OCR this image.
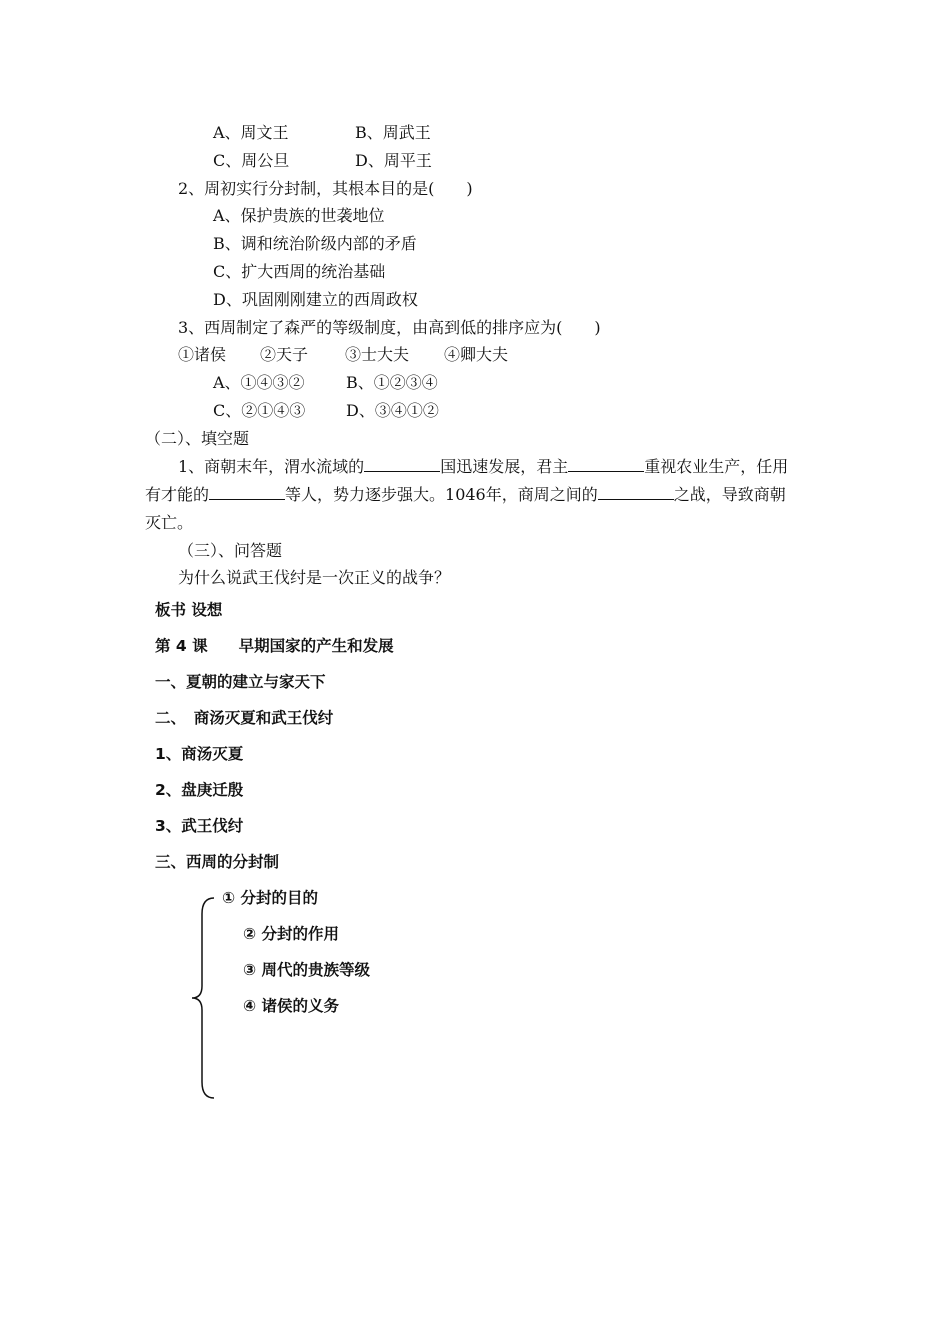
A、周文王	B、周武王
C、周公旦	D、周平王
2、周初实行分封制，其根本目的是(　　)
A、保护贵族的世袭地位
B、调和统治阶级内部的矛盾
C、扩大西周的统治基础
D、巩固刚刚建立的西周政权
3、西周制定了森严的等级制度，由高到低的排序应为(　　)
①诸侯 ②天子 ③士大夫 ④卿大夫
A、①④③②	B、①②③④
C、②①④③	D、③④①②
（二）、填空题
1、商朝末年，渭水流域的	国迅速发展，君主	重视农业生产，任用
有才能的	等人，势力逐步强大。1046年，商周之间的	之战，导致商朝
灭亡。
（三）、问答题
为什么说武王伐纣是一次正义的战争？
板书 设想
第 4 课　　早期国家的产生和发展
一、夏朝的建立与家天下
二、　商汤灭夏和武王伐纣
1、商汤灭夏
2、盘庚迁殷
3、武王伐纣
三、西周的分封制
① 分封的目的
② 分封的作用
③ 周代的贵族等级
④ 诸侯的义务
